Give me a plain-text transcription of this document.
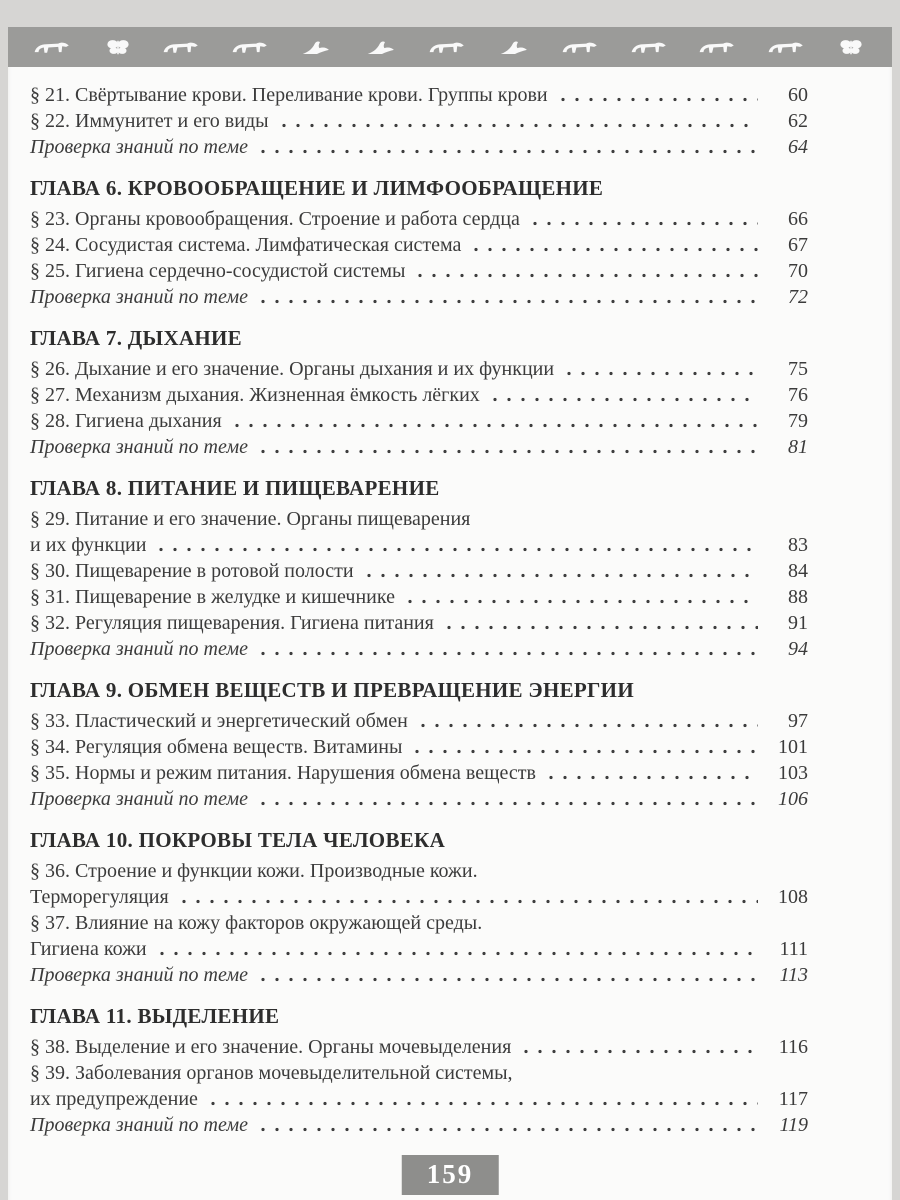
§ 21. Свёртывание крови. Переливание крови. Группы крови	60
§ 22. Иммунитет и его виды	62
Проверка знаний по теме	64
ГЛАВА 6. КРОВООБРАЩЕНИЕ И ЛИМФООБРАЩЕНИЕ
§ 23. Органы кровообращения. Строение и работа сердца	66
§ 24. Сосудистая система. Лимфатическая система	67
§ 25. Гигиена сердечно-сосудистой системы	70
Проверка знаний по теме	72
ГЛАВА 7. ДЫХАНИЕ
§ 26. Дыхание и его значение. Органы дыхания и их функции	75
§ 27. Механизм дыхания. Жизненная ёмкость лёгких	76
§ 28. Гигиена дыхания	79
Проверка знаний по теме	81
ГЛАВА 8. ПИТАНИЕ И ПИЩЕВАРЕНИЕ
§ 29. Питание и его значение. Органы пищеварения
и их функции	83
§ 30. Пищеварение в ротовой полости	84
§ 31. Пищеварение в желудке и кишечнике	88
§ 32. Регуляция пищеварения. Гигиена питания	91
Проверка знаний по теме	94
ГЛАВА 9. ОБМЕН ВЕЩЕСТВ И ПРЕВРАЩЕНИЕ ЭНЕРГИИ
§ 33. Пластический и энергетический обмен	97
§ 34. Регуляция обмена веществ. Витамины	101
§ 35. Нормы и режим питания. Нарушения обмена веществ	103
Проверка знаний по теме	106
ГЛАВА 10. ПОКРОВЫ ТЕЛА ЧЕЛОВЕКА
§ 36. Строение и функции кожи. Производные кожи.
Терморегуляция	108
§ 37. Влияние на кожу факторов окружающей среды.
Гигиена кожи	111
Проверка знаний по теме	113
ГЛАВА 11. ВЫДЕЛЕНИЕ
§ 38. Выделение и его значение. Органы мочевыделения	116
§ 39. Заболевания органов мочевыделительной системы,
их предупреждение	117
Проверка знаний по теме	119
159
